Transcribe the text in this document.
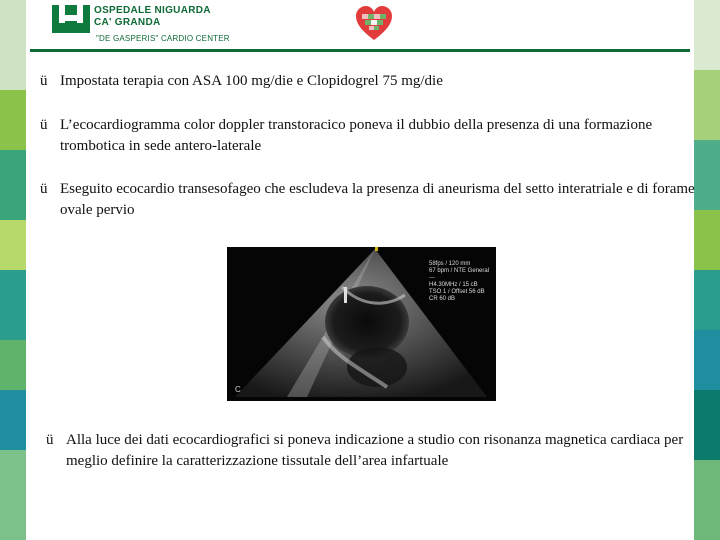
OSPEDALE NIGUARDA
CA' GRANDA
"DE GASPERIS" CARDIO CENTER
ü Impostata terapia con ASA 100 mg/die e Clopidogrel 75 mg/die
ü L’ecocardiogramma color doppler transtoracico poneva il dubbio della presenza di una formazione trombotica in sede antero-laterale
ü Eseguito ecocardio transesofageo che escludeva la presenza di aneurisma del setto interatriale e di forame ovale pervio
58fps / 120 mm
67 bpm / NTE General
---
H4.30MHz / 15 cB
TSO 1 / Offset 56 dB
CR 60 dB
C
ü Alla luce dei dati ecocardiografici si poneva indicazione a studio con risonanza magnetica cardiaca per meglio definire la caratterizzazione tissutale dell’area infartuale
